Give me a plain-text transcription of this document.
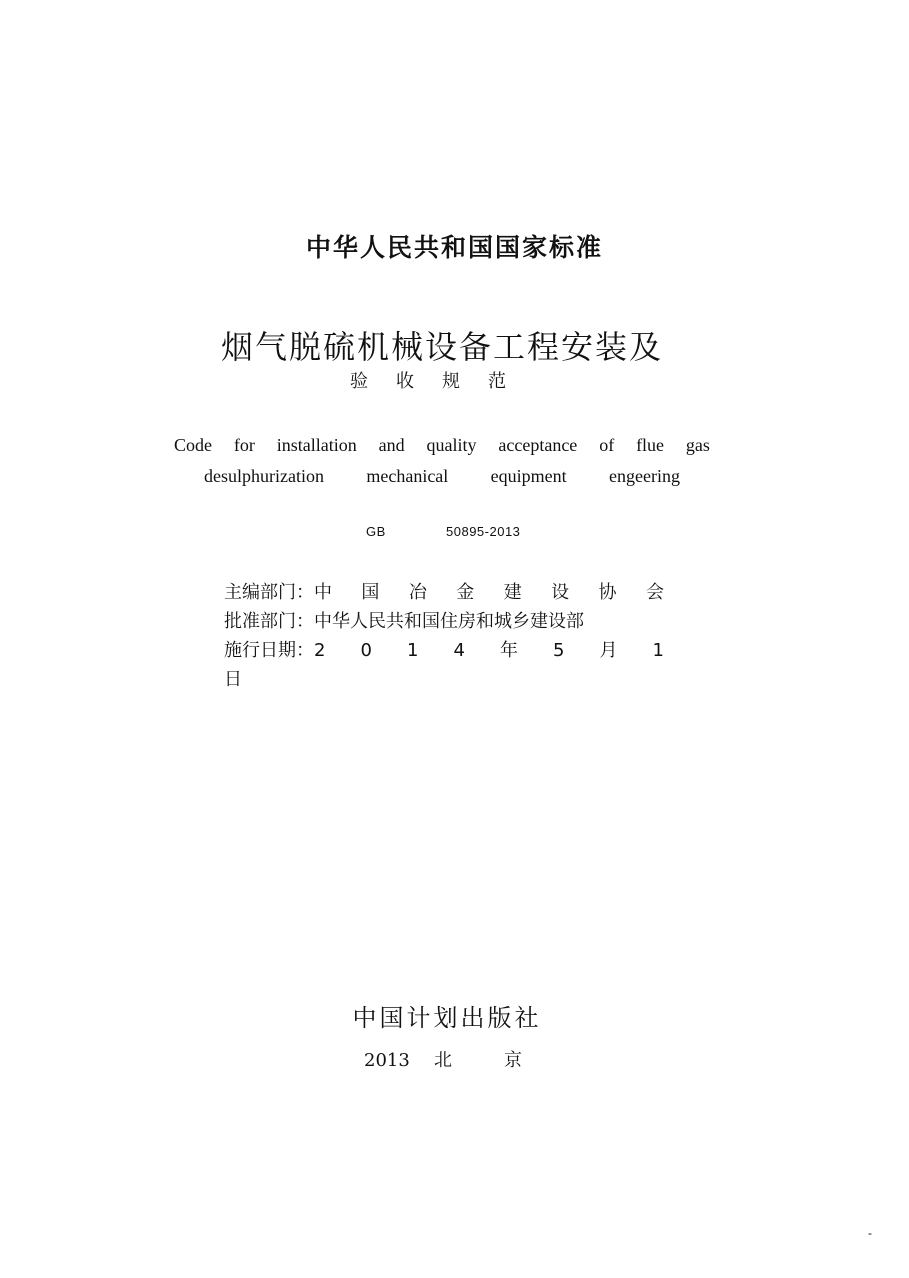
中华人民共和国国家标准
烟气脱硫机械设备工程安装及
验收规范
Code for installation and quality acceptance of flue gas
desulphurization mechanical equipment engeering
GB	50895-2013
主编部门： 中 国 冶 金 建 设 协 会
批准部门： 中华人民共和国住房和城乡建设部
施行日期： 2 0 1 4 年 5 月 1
日
中国计划出版社
2013 北	京
-
